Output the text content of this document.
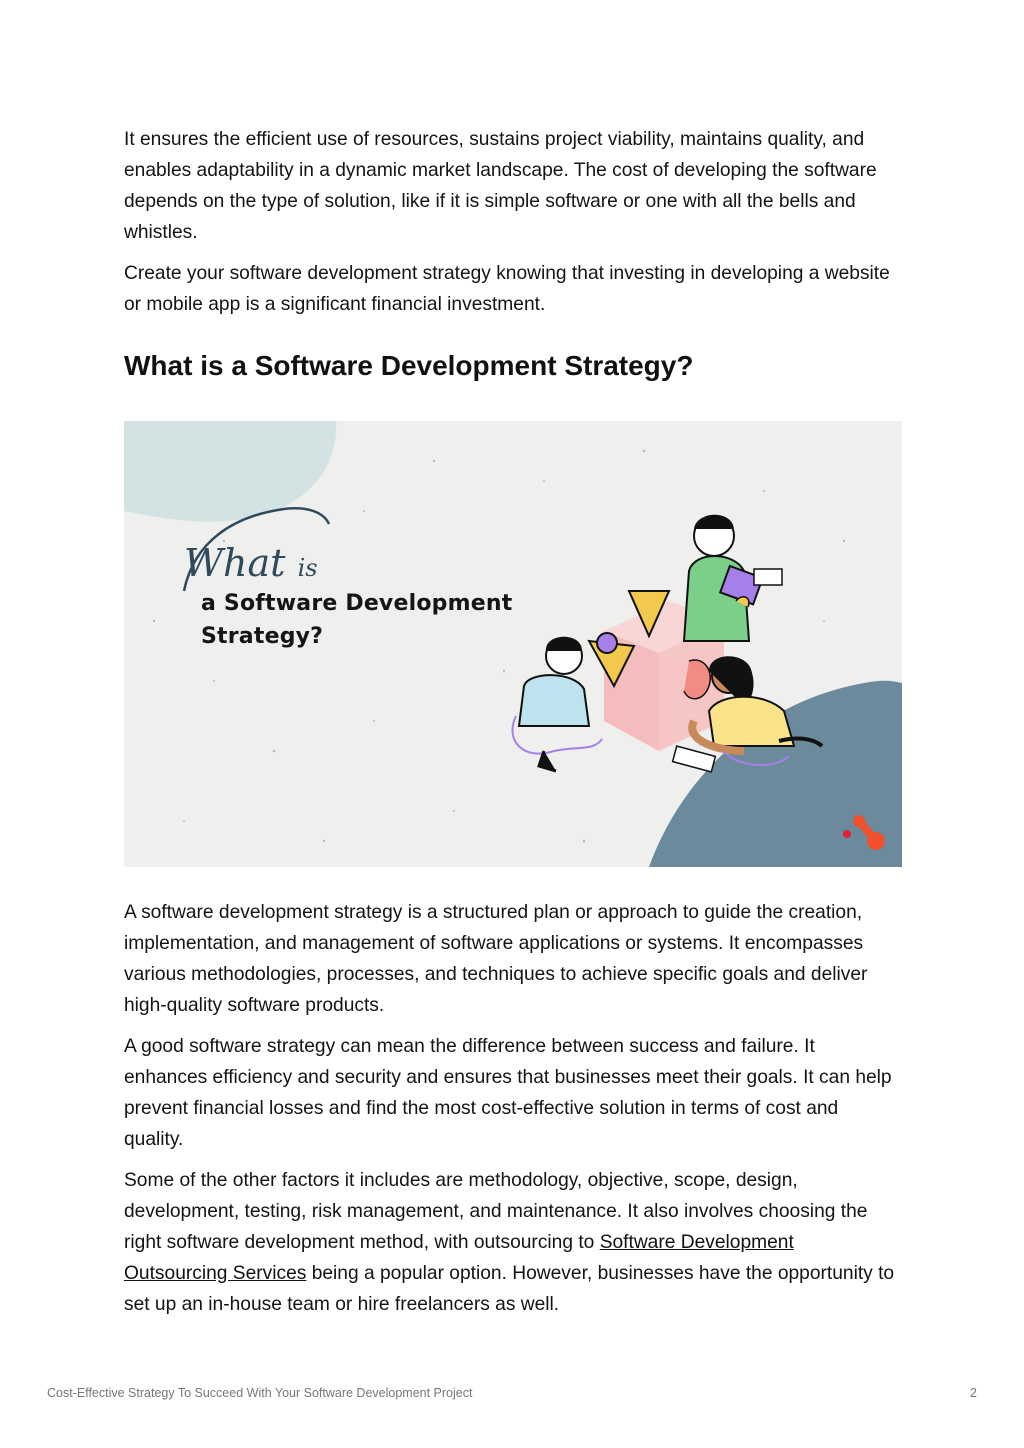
It ensures the efficient use of resources, sustains project viability, maintains quality, and enables adaptability in a dynamic market landscape. The cost of developing the software depends on the type of solution, like if it is simple software or one with all the bells and whistles.

Create your software development strategy knowing that investing in developing a website or mobile app is a significant financial investment.

What is a Software Development Strategy?
What is
a Software Development
Strategy?

A software development strategy is a structured plan or approach to guide the creation, implementation, and management of software applications or systems. It encompasses various methodologies, processes, and techniques to achieve specific goals and deliver high-quality software products.

A good software strategy can mean the difference between success and failure. It enhances efficiency and security and ensures that businesses meet their goals. It can help prevent financial losses and find the most cost-effective solution in terms of cost and quality.

Some of the other factors it includes are methodology, objective, scope, design, development, testing, risk management, and maintenance. It also involves choosing the right software development method, with outsourcing to Software Development Outsourcing Services being a popular option. However, businesses have the opportunity to set up an in-house team or hire freelancers as well.

Cost-Effective Strategy To Succeed With Your Software Development Project	2
